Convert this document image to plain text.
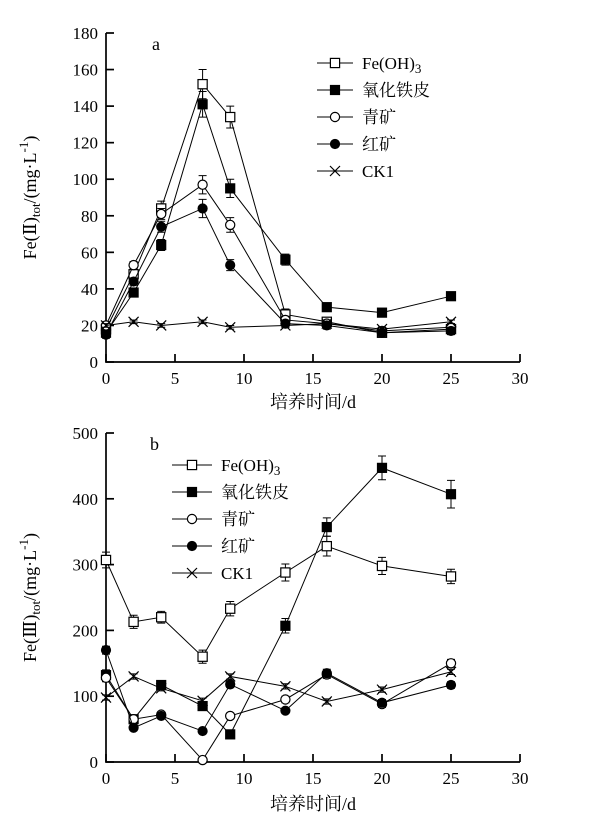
0
20
40
60
80
100
120
140
160
180
0	5	10	15	20	25	30
培养时间/d
$Fe(Ⅱ)_{tot}/(mg\cdot L^{-1})$
a
$Fe(OH)_3$
氧化铁皮
青矿
红矿
CK1
0
100
200
300
400
500
0	5	10	15	20	25	30
培养时间/d
$Fe(Ⅲ)_{tot}/(mg\cdot L^{-1})$
b
$Fe(OH)_3$
氧化铁皮
青矿
红矿
CK1
